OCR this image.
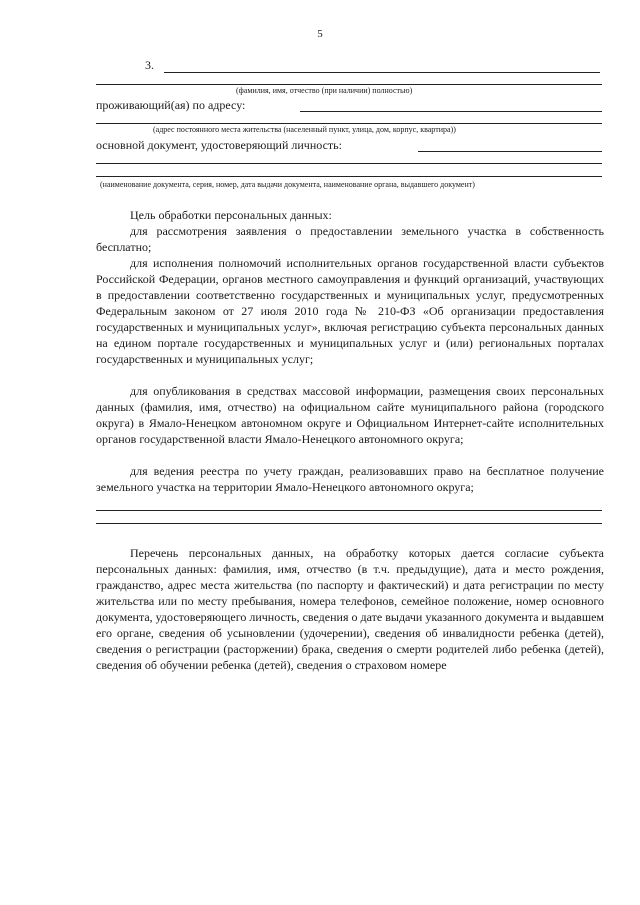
5
3.
(фамилия, имя, отчество (при наличии) полностью)
проживающий(ая) по адресу:
(адрес постоянного места жительства (населенный пункт, улица, дом, корпус, квартира))
основной документ, удостоверяющий личность:
(наименование документа, серия, номер, дата выдачи документа, наименование органа, выдавшего документ)

Цель обработки персональных данных:

для рассмотрения заявления о предоставлении земельного участка в собственность бесплатно;

для исполнения полномочий исполнительных органов государственной власти субъектов Российской Федерации, органов местного самоуправления и функций организаций, участвующих в предоставлении соответственно государственных и муниципальных услуг, предусмотренных Федеральным законом от 27 июля 2010 года № 210-ФЗ «Об организации предоставления государственных и муниципальных услуг», включая регистрацию субъекта персональных данных на едином портале государственных и муниципальных услуг и (или) региональных порталах государственных и муниципальных услуг;

для опубликования в средствах массовой информации, размещения своих персональных данных (фамилия, имя, отчество) на официальном сайте муниципального района (городского округа) в Ямало-Ненецком автономном округе и Официальном Интернет-сайте исполнительных органов государственной власти Ямало-Ненецкого автономного округа;

для ведения реестра по учету граждан, реализовавших право на бесплатное получение земельного участка на территории Ямало-Ненецкого автономного округа;

Перечень персональных данных, на обработку которых дается согласие субъекта персональных данных: фамилия, имя, отчество (в т.ч. предыдущие), дата и место рождения, гражданство, адрес места жительства (по паспорту и фактический) и дата регистрации по месту жительства или по месту пребывания, номера телефонов, семейное положение, номер основного документа, удостоверяющего личность, сведения о дате выдачи указанного документа и выдавшем его органе, сведения об усыновлении (удочерении), сведения об инвалидности ребенка (детей), сведения о регистрации (расторжении) брака, сведения о смерти родителей либо ребенка (детей), сведения об обучении ребенка (детей), сведения о страховом номере
